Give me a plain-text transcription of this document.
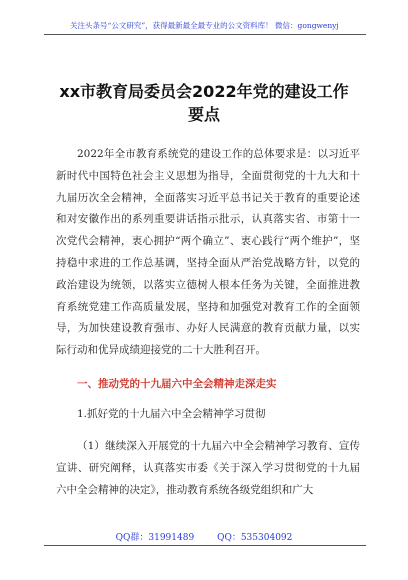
关注头条号“公文研究”，获得最新最全最专业的公文资料库！ 微信：gongwenyj
xx市教育局委员会2022年党的建设工作要点
2022年全市教育系统党的建设工作的总体要求是：以习近平新时代中国特色社会主义思想为指导，全面贯彻党的十九大和十九届历次全会精神，全面落实习近平总书记关于教育的重要论述和对安徽作出的系列重要讲话指示批示，认真落实省、市第十一次党代会精神，衷心拥护“两个确立”、衷心践行“两个维护”，坚持稳中求进的工作总基调，坚持全面从严治党战略方针，以党的政治建设为统领，以落实立德树人根本任务为关键，全面推进教育系统党建工作高质量发展，坚持和加强党对教育工作的全面领导，为加快建设教育强市、办好人民满意的教育贡献力量，以实际行动和优异成绩迎接党的二十大胜利召开。
一、推动党的十九届六中全会精神走深走实
1.抓好党的十九届六中全会精神学习贯彻
（1）继续深入开展党的十九届六中全会精神学习教育、宣传宣讲、研究阐释，认真落实市委《关于深入学习贯彻党的十九届六中全会精神的决定》，推动教育系统各级党组织和广大
QQ群：31991489	QQ：535304092
